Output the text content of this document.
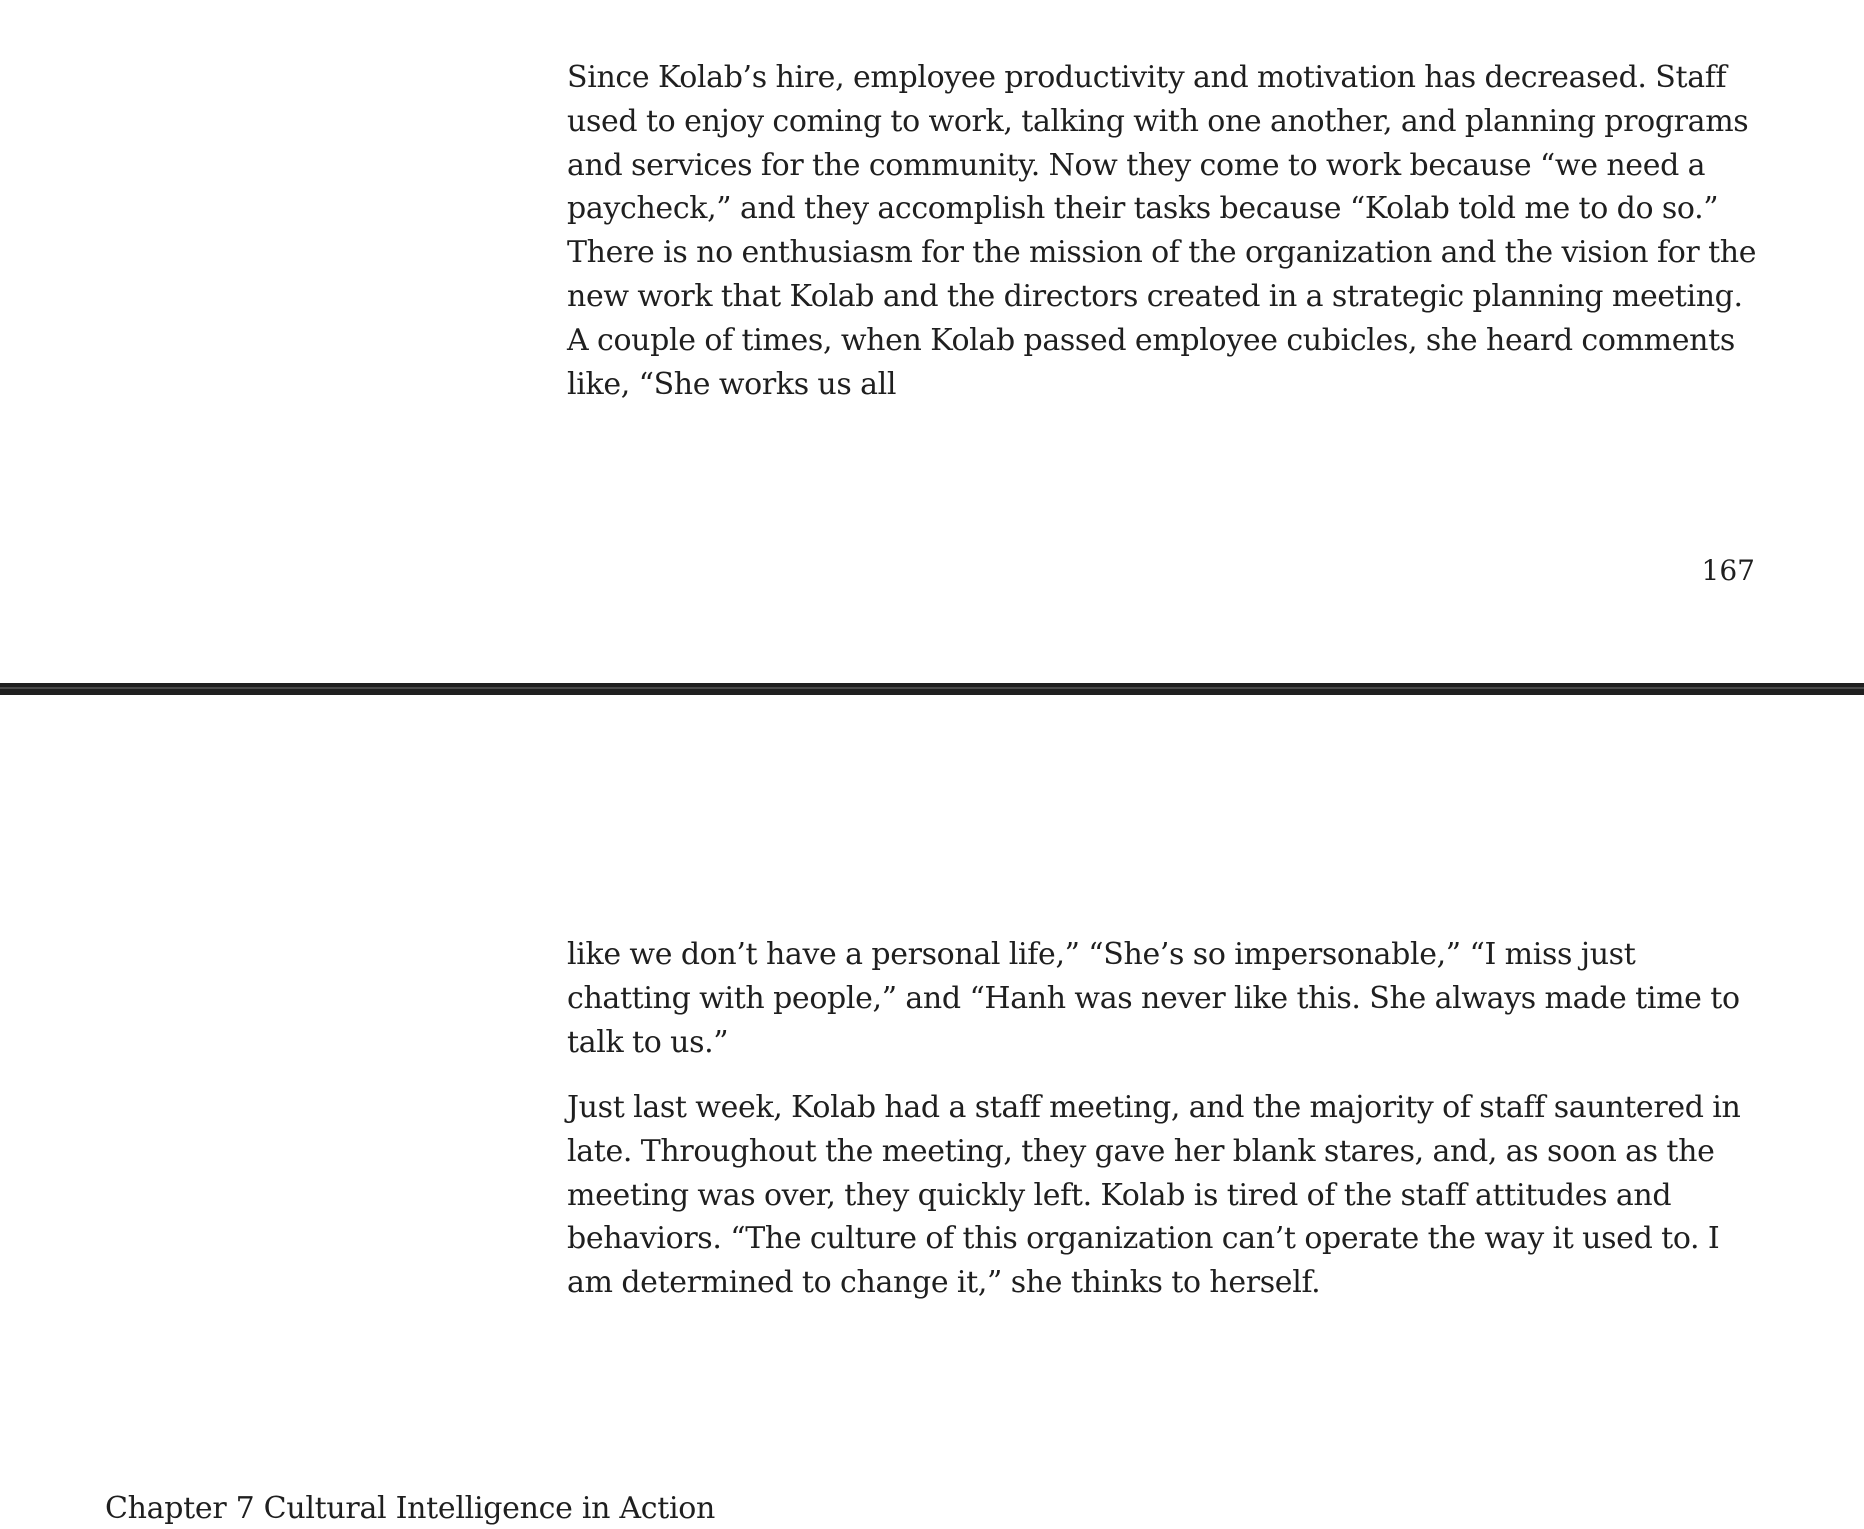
Since Kolab’s hire, employee productivity and motivation has decreased. Staff used to enjoy coming to work, talking with one another, and planning programs and services for the community. Now they come to work because “we need a paycheck,” and they accomplish their tasks because “Kolab told me to do so.” There is no enthusiasm for the mission of the organization and the vision for the new work that Kolab and the directors created in a strategic planning meeting. A couple of times, when Kolab passed employee cubicles, she heard comments like, “She works us all

167
Chapter 7 Cultural Intelligence in Action

like we don’t have a personal life,” “She’s so impersonable,” “I miss just chatting with people,” and “Hanh was never like this. She always made time to talk to us.”

Just last week, Kolab had a staff meeting, and the majority of staff sauntered in late. Throughout the meeting, they gave her blank stares, and, as soon as the meeting was over, they quickly left. Kolab is tired of the staff attitudes and behaviors. “The culture of this organization can’t operate the way it used to. I am determined to change it,” she thinks to herself.
